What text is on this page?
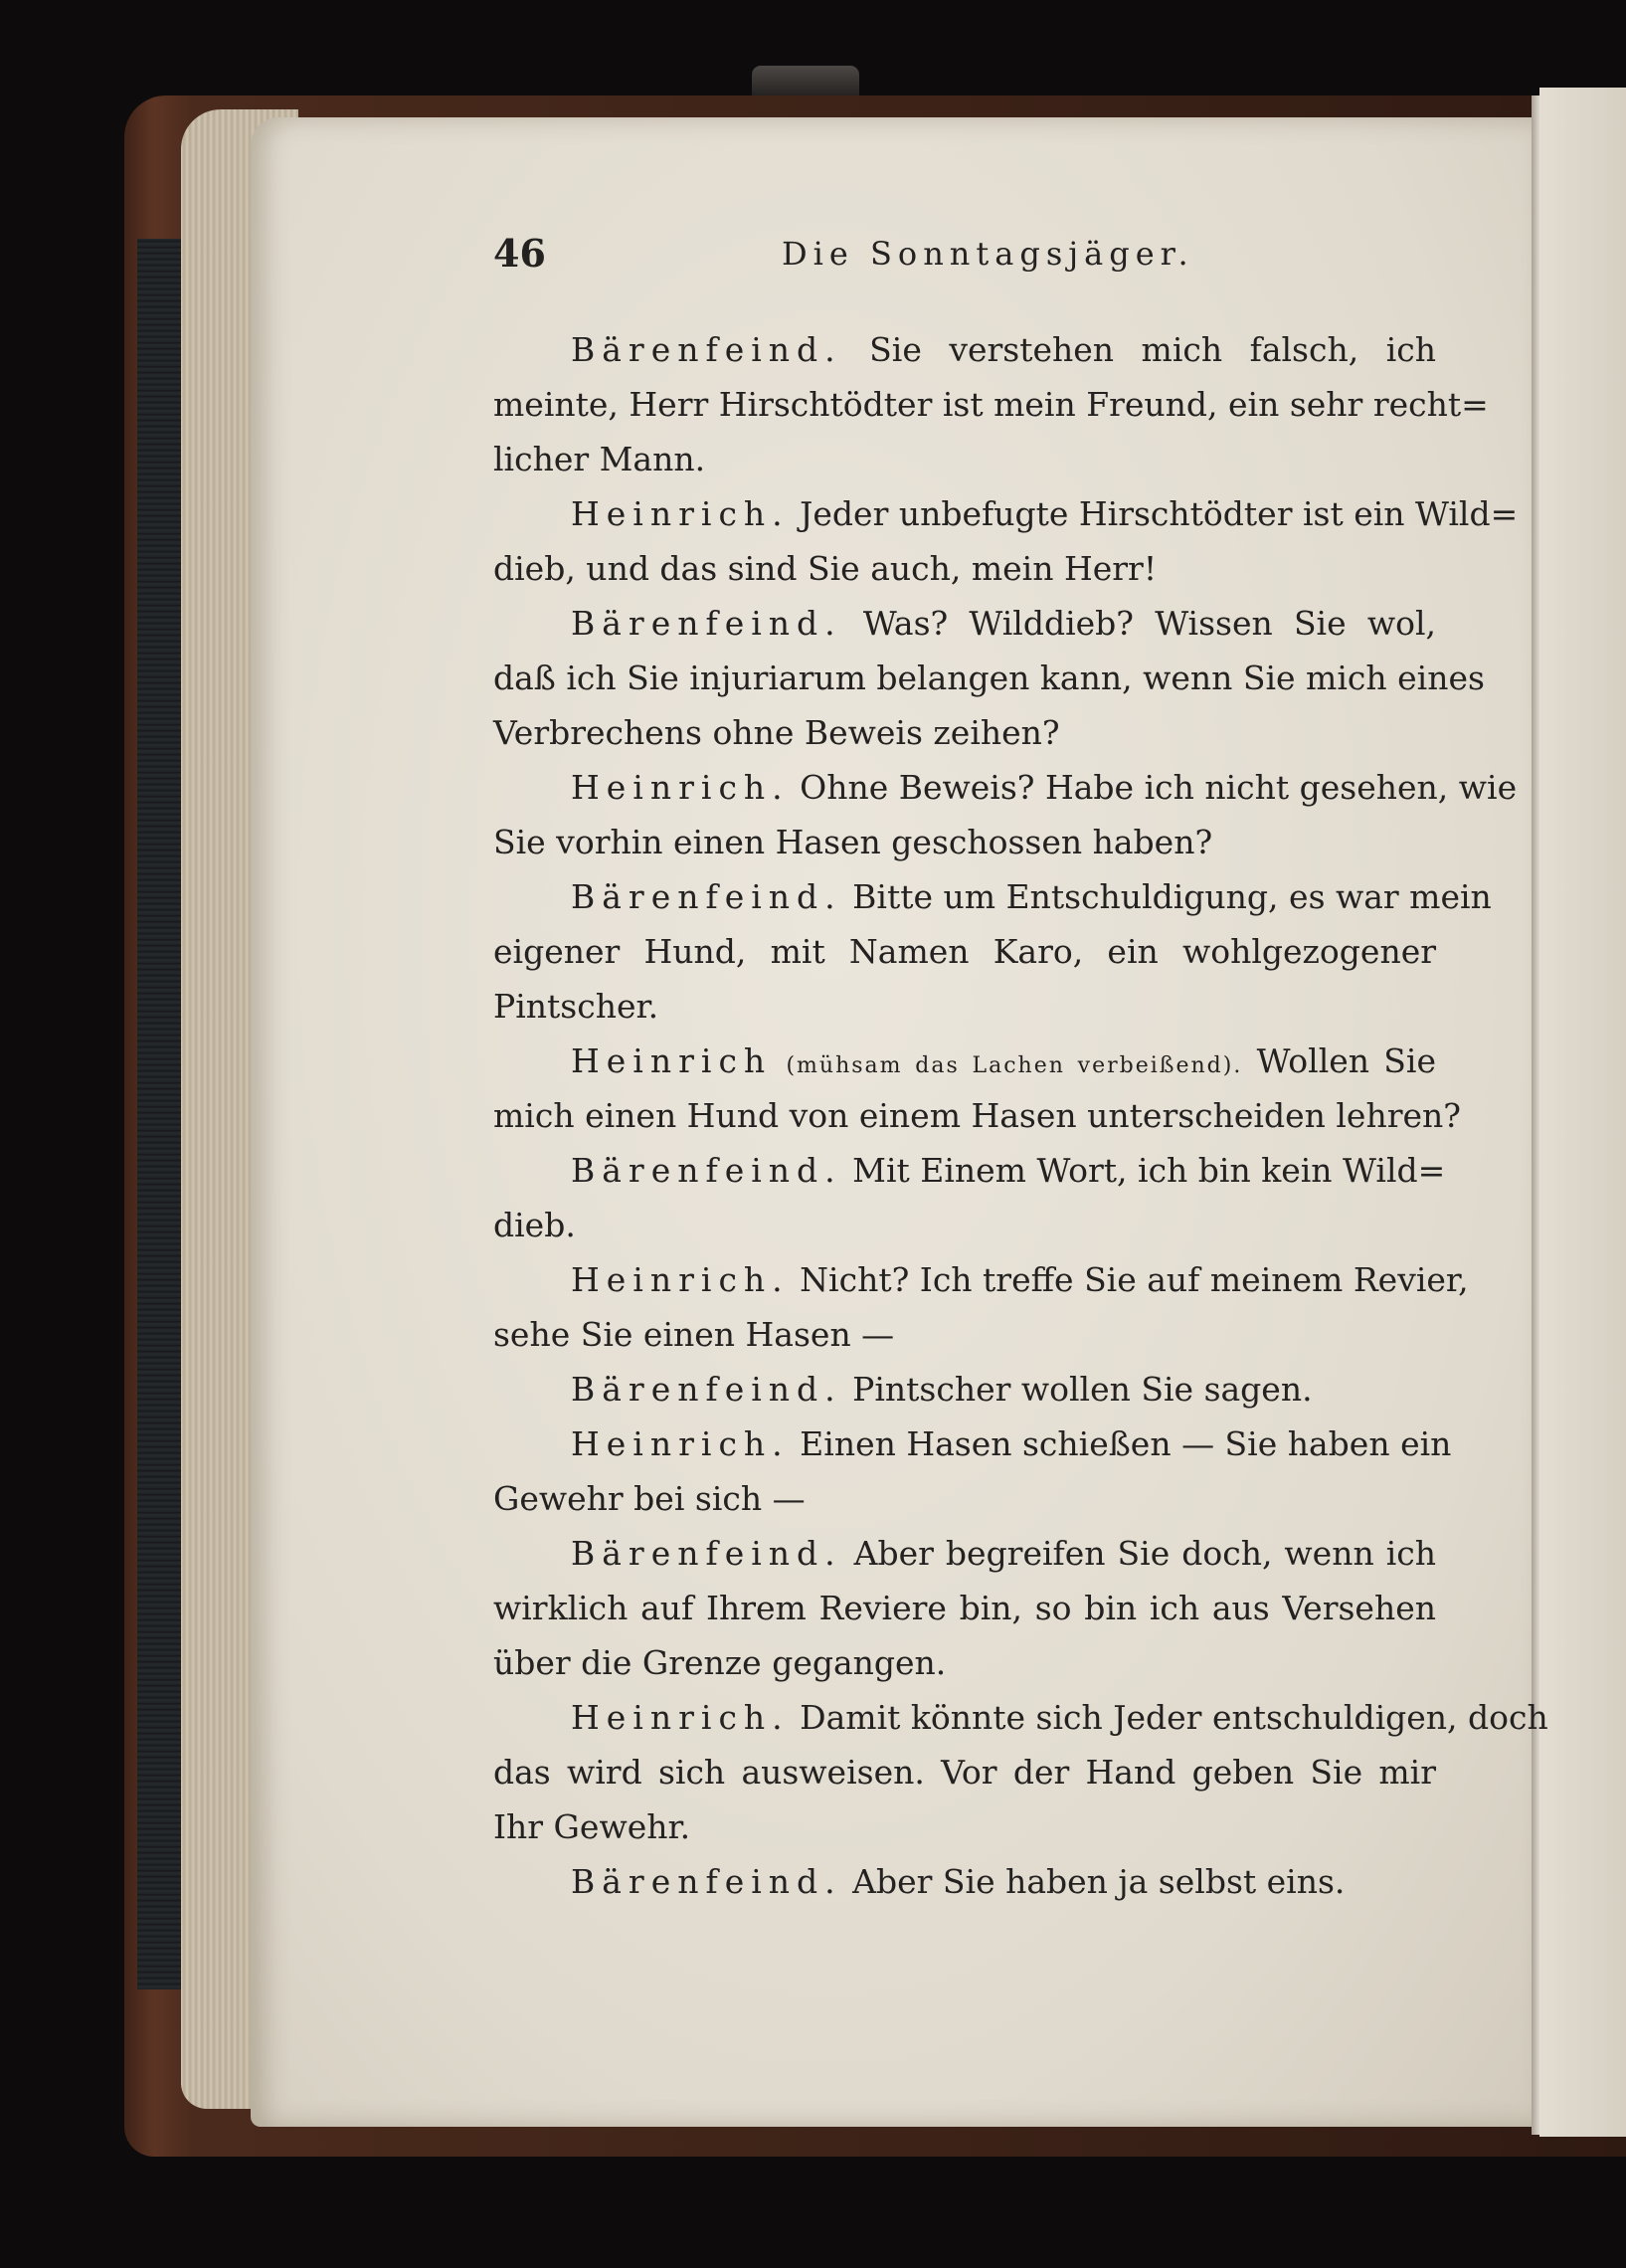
46	Die Sonntagsjäger.
Bärenfeind. Sie verstehen mich falsch, ich
meinte, Herr Hirschtödter ist mein Freund, ein sehr recht=
licher Mann.
Heinrich. Jeder unbefugte Hirschtödter ist ein Wild=
dieb, und das sind Sie auch, mein Herr!
Bärenfeind. Was? Wilddieb? Wissen Sie wol,
daß ich Sie injuriarum belangen kann, wenn Sie mich eines
Verbrechens ohne Beweis zeihen?
Heinrich. Ohne Beweis? Habe ich nicht gesehen, wie
Sie vorhin einen Hasen geschossen haben?
Bärenfeind. Bitte um Entschuldigung, es war mein
eigener Hund, mit Namen Karo, ein wohlgezogener
Pintscher.
Heinrich (mühsam das Lachen verbeißend). Wollen Sie
mich einen Hund von einem Hasen unterscheiden lehren?
Bärenfeind. Mit Einem Wort, ich bin kein Wild=
dieb.
Heinrich. Nicht? Ich treffe Sie auf meinem Revier,
sehe Sie einen Hasen —
Bärenfeind. Pintscher wollen Sie sagen.
Heinrich. Einen Hasen schießen — Sie haben ein
Gewehr bei sich —
Bärenfeind. Aber begreifen Sie doch, wenn ich
wirklich auf Ihrem Reviere bin, so bin ich aus Versehen
über die Grenze gegangen.
Heinrich. Damit könnte sich Jeder entschuldigen, doch
das wird sich ausweisen. Vor der Hand geben Sie mir
Ihr Gewehr.
Bärenfeind. Aber Sie haben ja selbst eins.
